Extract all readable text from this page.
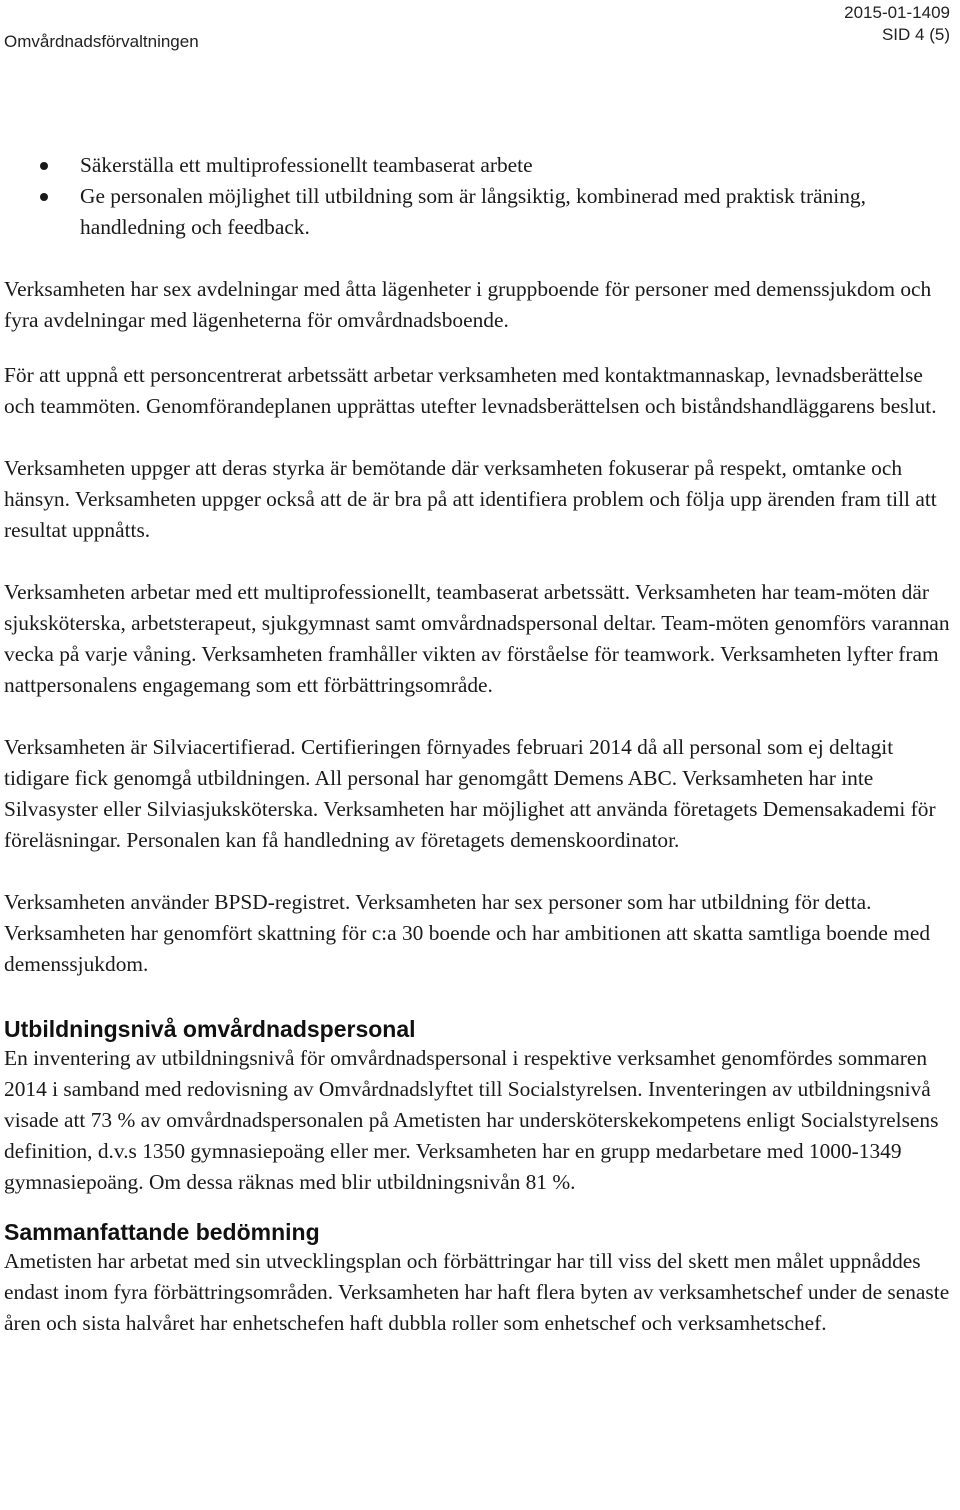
Omvårdnadsförvaltningen
2015-01-1409
SID 4 (5)
Säkerställa ett multiprofessionellt teambaserat arbete
Ge personalen möjlighet till utbildning som är långsiktig, kombinerad med praktisk träning, handledning och feedback.

Verksamheten har sex avdelningar med åtta lägenheter i gruppboende för personer med demenssjukdom och fyra avdelningar med lägenheterna för omvårdnadsboende.

För att uppnå ett personcentrerat arbetssätt arbetar verksamheten med kontaktmannaskap, levnadsberättelse och teammöten. Genomförandeplanen upprättas utefter levnadsberättelsen och biståndshandläggarens beslut.

Verksamheten uppger att deras styrka är bemötande där verksamheten fokuserar på respekt, omtanke och hänsyn. Verksamheten uppger också att de är bra på att identifiera problem och följa upp ärenden fram till att resultat uppnåtts.

Verksamheten arbetar med ett multiprofessionellt, teambaserat arbetssätt. Verksamheten har team-möten där sjuksköterska, arbetsterapeut, sjukgymnast samt omvårdnadspersonal deltar. Team-möten genomförs varannan vecka på varje våning. Verksamheten framhåller vikten av förståelse för teamwork. Verksamheten lyfter fram nattpersonalens engagemang som ett förbättringsområde.

Verksamheten är Silviacertifierad. Certifieringen förnyades februari 2014 då all personal som ej deltagit tidigare fick genomgå utbildningen. All personal har genomgått Demens ABC. Verksamheten har inte Silvasyster eller Silviasjuksköterska. Verksamheten har möjlighet att använda företagets Demensakademi för föreläsningar. Personalen kan få handledning av företagets demenskoordinator.

Verksamheten använder BPSD-registret. Verksamheten har sex personer som har utbildning för detta. Verksamheten har genomfört skattning för c:a 30 boende och har ambitionen att skatta samtliga boende med demenssjukdom.

Utbildningsnivå omvårdnadspersonal

En inventering av utbildningsnivå för omvårdnadspersonal i respektive verksamhet genomfördes sommaren 2014 i samband med redovisning av Omvårdnadslyftet till Socialstyrelsen. Inventeringen av utbildningsnivå visade att 73 % av omvårdnadspersonalen på Ametisten har undersköterskekompetens enligt Socialstyrelsens definition, d.v.s 1350 gymnasiepoäng eller mer. Verksamheten har en grupp medarbetare med 1000-1349 gymnasiepoäng. Om dessa räknas med blir utbildningsnivån 81 %.

Sammanfattande bedömning

Ametisten har arbetat med sin utvecklingsplan och förbättringar har till viss del skett men målet uppnåddes endast inom fyra förbättringsområden. Verksamheten har haft flera byten av verksamhetschef under de senaste åren och sista halvåret har enhetschefen haft dubbla roller som enhetschef och verksamhetschef.
